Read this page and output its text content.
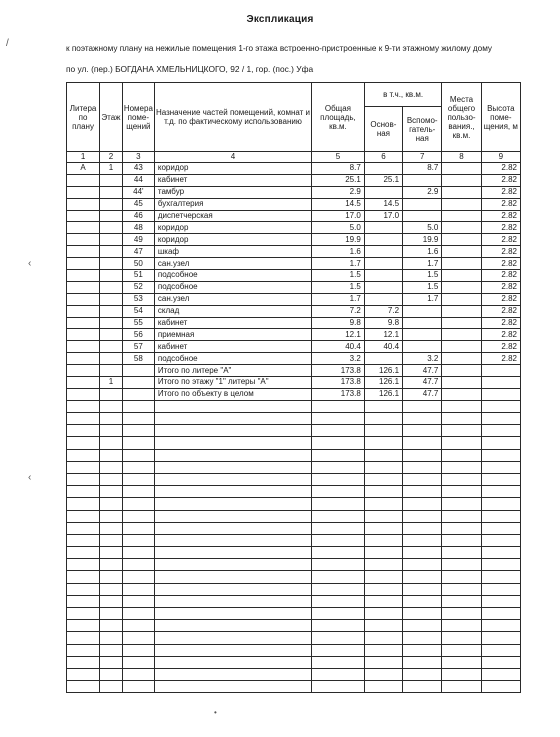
Экспликация
к поэтажному плану на нежилые помещения 1-го этажа встроенно-пристроенные к 9-ти этажному жилому дому
по ул. (пер.) БОГДАНА ХМЕЛЬНИЦКОГО, 92 / 1, гор. (пос.) Уфа
/
‹
‹
Литера по плану	Этаж	Номера поме-щений	Назначение частей помещений, комнат и т.д. по фактическому использованию	Общая площадь, кв.м.	в т.ч., кв.м.		Места общего пользо-вания., кв.м.	Высота поме-щения, м
					Основ-ная	Вспомо-гатель-ная		
1	2	3	4	5	6	7	8	9
А	1	43	коридор	8.7		8.7		2.82
		44	кабинет	25.1	25.1			2.82
		44'	тамбур	2.9		2.9		2.82
		45	бухгалтерия	14.5	14.5			2.82
		46	диспетчерская	17.0	17.0			2.82
		48	коридор	5.0		5.0		2.82
		49	коридор	19.9		19.9		2.82
		47	шкаф	1.6		1.6		2.82
		50	сан.узел	1.7		1.7		2.82
		51	подсобное	1.5		1.5		2.82
		52	подсобное	1.5		1.5		2.82
		53	сан.узел	1.7		1.7		2.82
		54	склад	7.2	7.2			2.82
		55	кабинет	9.8	9.8			2.82
		56	приемная	12.1	12.1			2.82
		57	кабинет	40.4	40.4			2.82
		58	подсобное	3.2		3.2		2.82
			Итого по литере "А"	173.8	126.1	47.7		
	1		Итого по этажу "1" литеры "А"	173.8	126.1	47.7		
			Итого по объекту в целом	173.8	126.1	47.7		

•
